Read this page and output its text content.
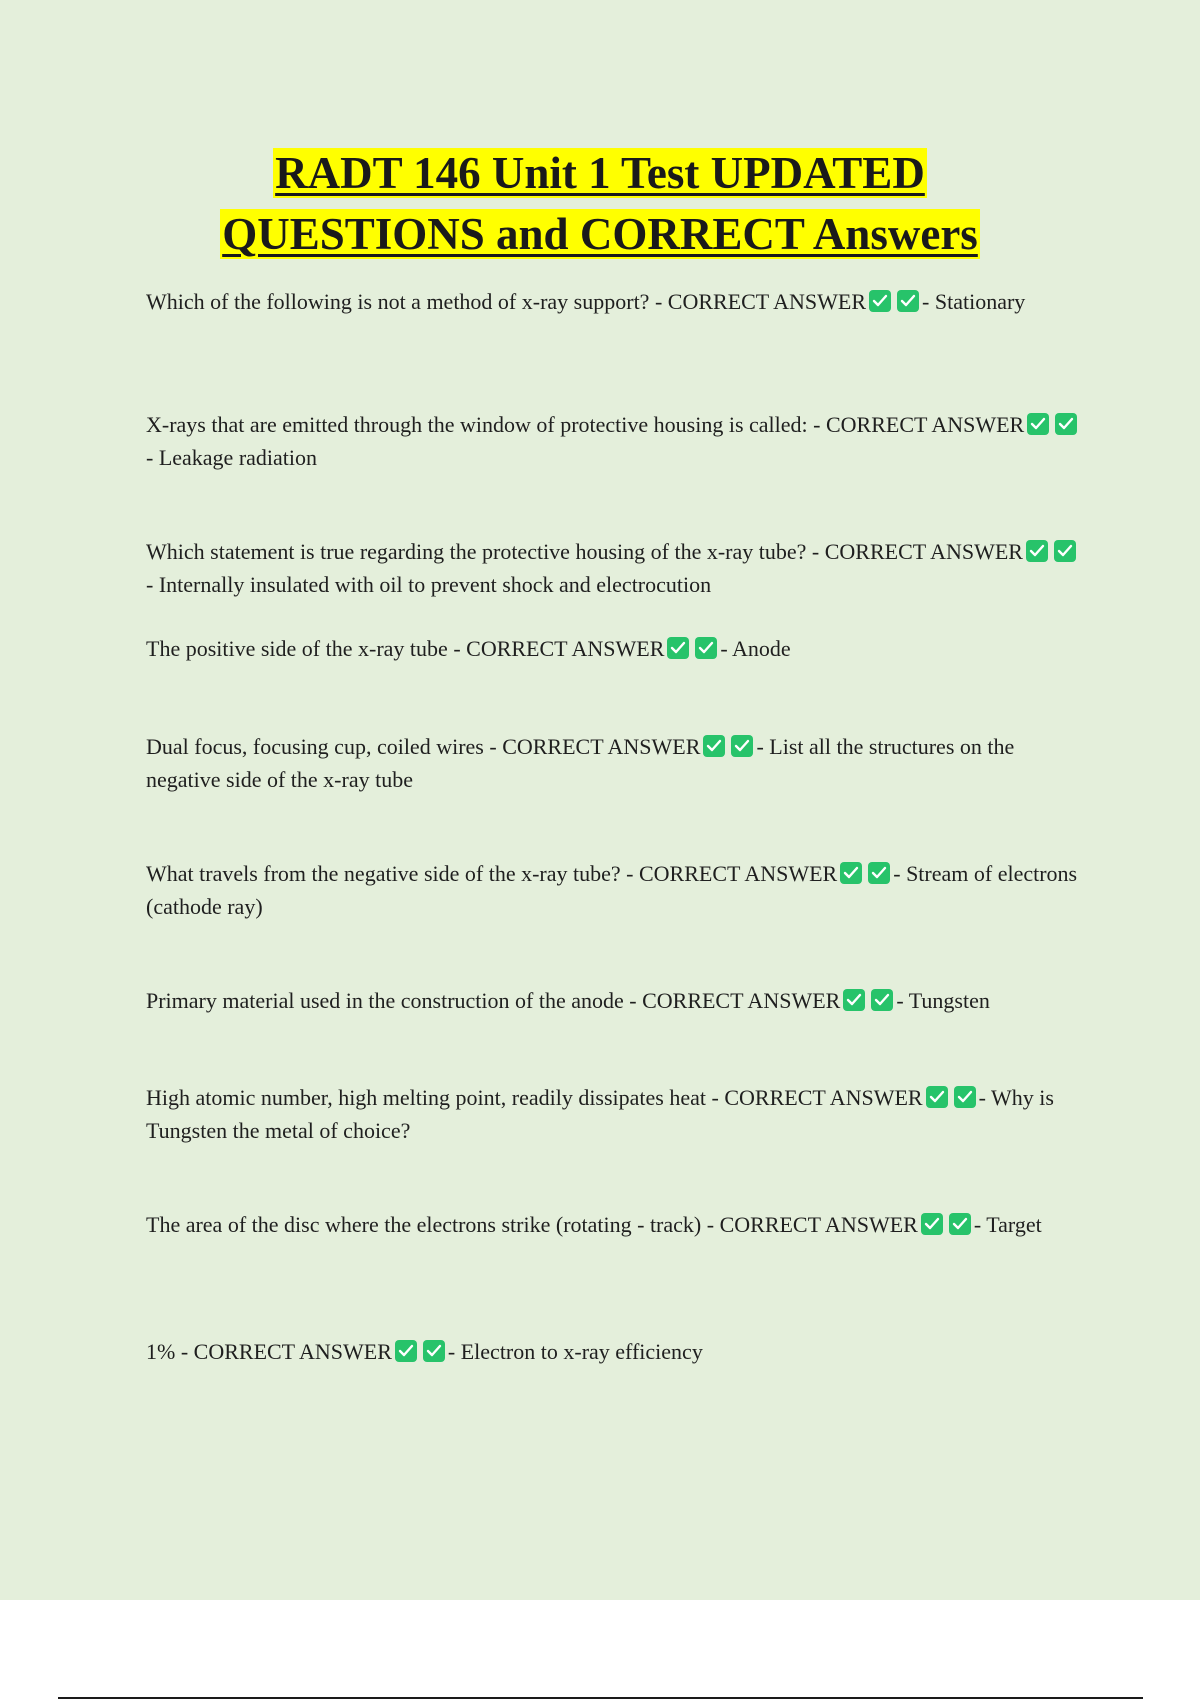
RADT 146 Unit 1 Test UPDATED
QUESTIONS and CORRECT Answers

Which of the following is not a method of x-ray support? - CORRECT ANSWER	- Stationary

X-rays that are emitted through the window of protective housing is called: - CORRECT ANSWER
- Leakage radiation

Which statement is true regarding the protective housing of the x-ray tube? - CORRECT ANSWER
- Internally insulated with oil to prevent shock and electrocution

The positive side of the x-ray tube - CORRECT ANSWER	- Anode

Dual focus, focusing cup, coiled wires - CORRECT ANSWER	- List all the structures on the negative side of the x-ray tube

What travels from the negative side of the x-ray tube? - CORRECT ANSWER	- Stream of electrons (cathode ray)

Primary material used in the construction of the anode - CORRECT ANSWER	- Tungsten

High atomic number, high melting point, readily dissipates heat - CORRECT ANSWER	- Why is Tungsten the metal of choice?

The area of the disc where the electrons strike (rotating - track) - CORRECT ANSWER	- Target

1% - CORRECT ANSWER	- Electron to x-ray efficiency
